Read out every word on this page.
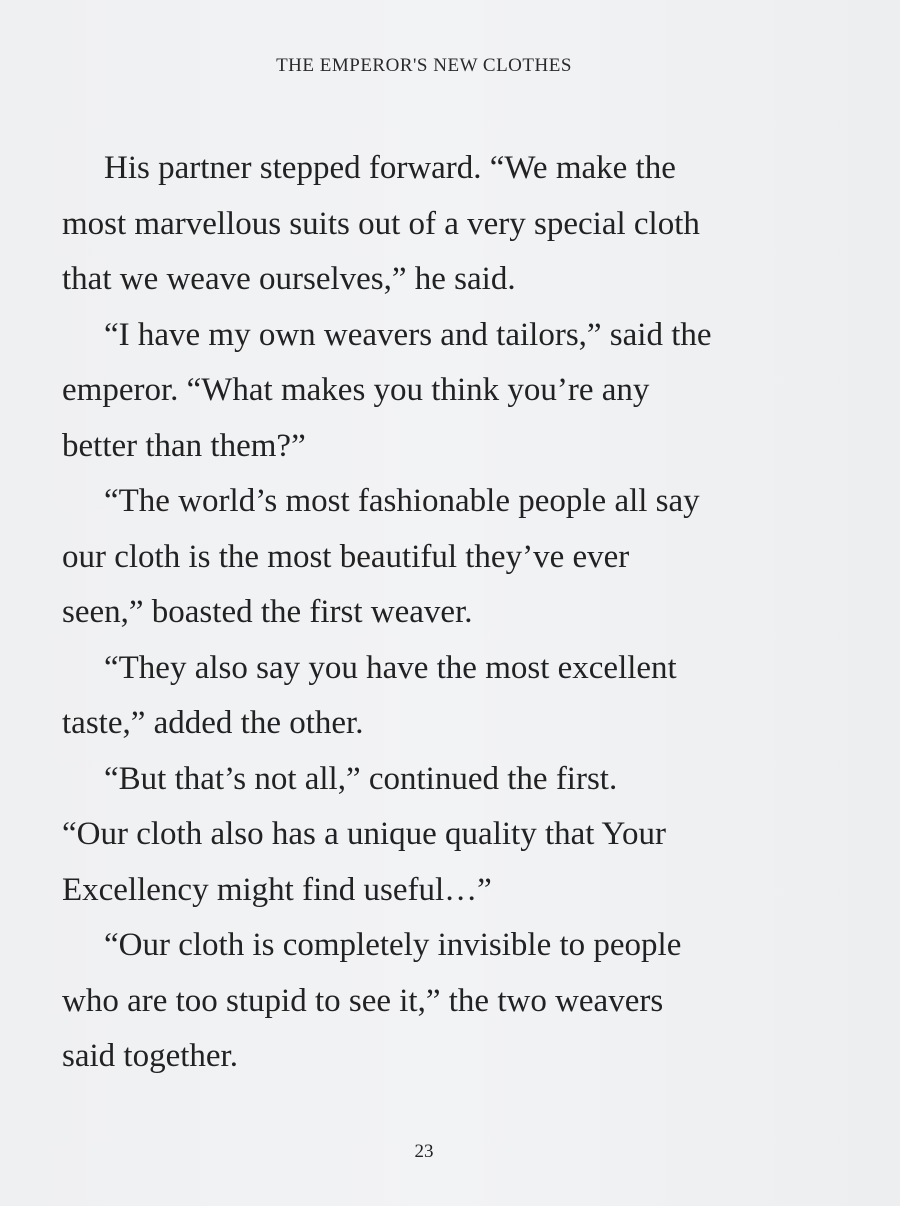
THE EMPEROR'S NEW CLOTHES

His partner stepped forward. “We make the
most marvellous suits out of a very special cloth
that we weave ourselves,” he said.

“I have my own weavers and tailors,” said the
emperor. “What makes you think you’re any
better than them?”

“The world’s most fashionable people all say
our cloth is the most beautiful they’ve ever
seen,” boasted the first weaver.

“They also say you have the most excellent
taste,” added the other.

“But that’s not all,” continued the first.
“Our cloth also has a unique quality that Your
Excellency might find useful…”

“Our cloth is completely invisible to people
who are too stupid to see it,” the two weavers
said together.

23
